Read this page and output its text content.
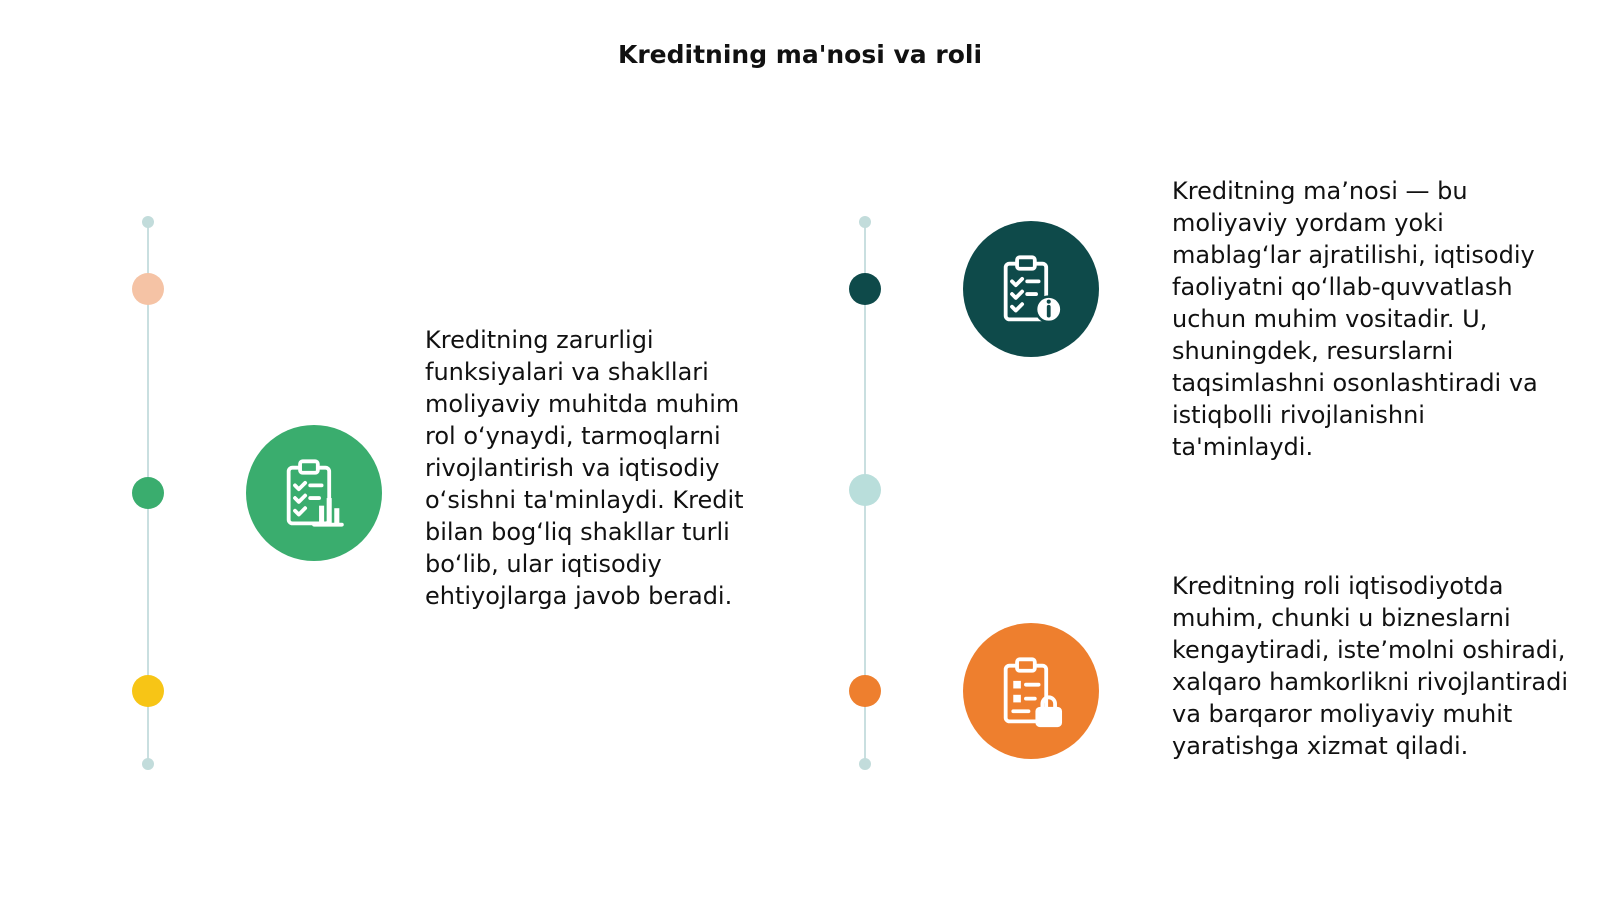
Kreditning ma'nosi va roli
Kreditning zarurligi funksiyalari va shakllari moliyaviy muhitda muhim rol o‘ynaydi, tarmoqlarni rivojlantirish va iqtisodiy o‘sishni ta'minlaydi. Kredit bilan bog‘liq shakllar turli bo‘lib, ular iqtisodiy ehtiyojlarga javob beradi.
Kreditning ma’nosi — bu moliyaviy yordam yoki mablag‘lar ajratilishi, iqtisodiy faoliyatni qo‘llab-quvvatlash uchun muhim vositadir. U, shuningdek, resurslarni taqsimlashni osonlashtiradi va istiqbolli rivojlanishni ta'minlaydi.
Kreditning roli iqtisodiyotda muhim, chunki u bizneslarni kengaytiradi, iste’molni oshiradi, xalqaro hamkorlikni rivojlantiradi va barqaror moliyaviy muhit yaratishga xizmat qiladi.
